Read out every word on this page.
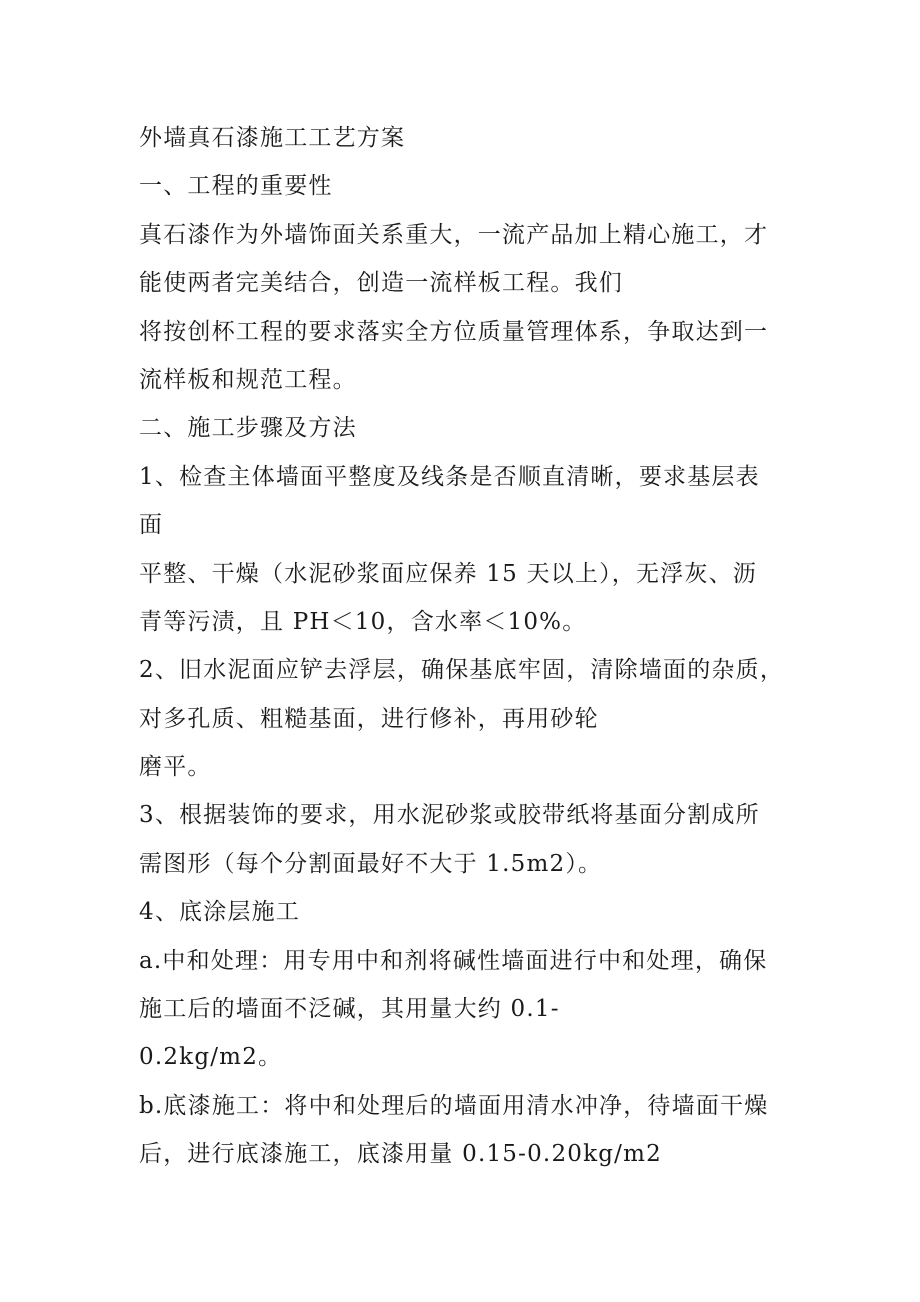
外墙真石漆施工工艺方案
一、工程的重要性
真石漆作为外墙饰面关系重大，一流产品加上精心施工，才
能使两者完美结合，创造一流样板工程。我们
将按创杯工程的要求落实全方位质量管理体系，争取达到一
流样板和规范工程。
二、施工步骤及方法
1、检查主体墙面平整度及线条是否顺直清晰，要求基层表
面
平整、干燥（水泥砂浆面应保养 15 天以上），无浮灰、沥
青等污渍，且 PH＜10，含水率＜10%。
2、旧水泥面应铲去浮层，确保基底牢固，清除墙面的杂质，
对多孔质、粗糙基面，进行修补，再用砂轮
磨平。
3、根据装饰的要求，用水泥砂浆或胶带纸将基面分割成所
需图形（每个分割面最好不大于 1.5m2）。
4、底涂层施工
a.中和处理：用专用中和剂将碱性墙面进行中和处理，确保
施工后的墙面不泛碱，其用量大约 0.1-
0.2kg/m2。
b.底漆施工：将中和处理后的墙面用清水冲净，待墙面干燥
后，进行底漆施工，底漆用量 0.15-0.20kg/m2
